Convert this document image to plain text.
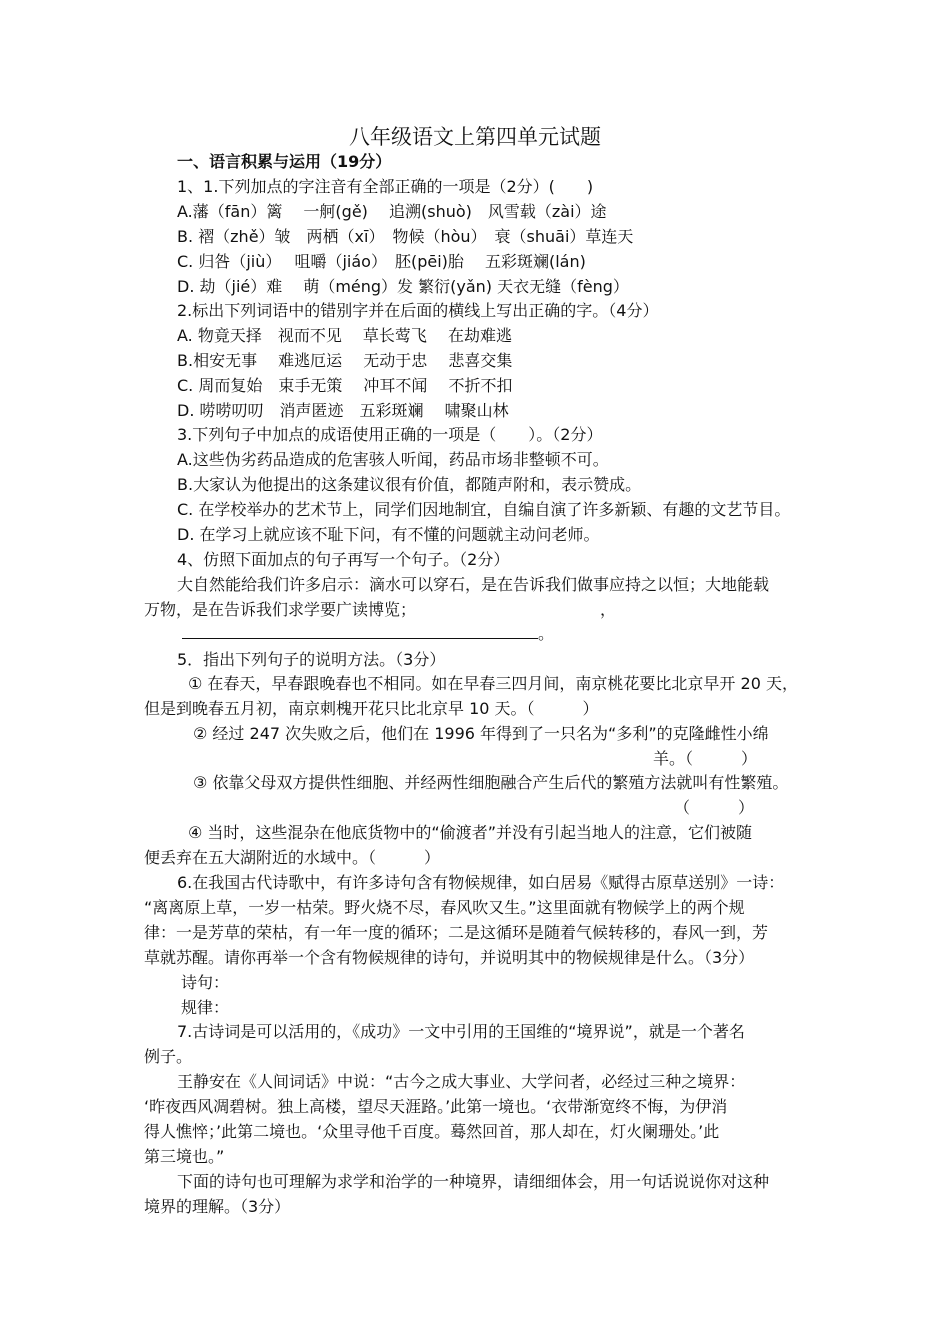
八年级语文上第四单元试题
一、语言积累与运用（19分）
1、1.下列加点的字注音有全部正确的一项是（2分）(　　)
A.藩（fān）篱　 一舸(gě)　 追溯(shuò)　风雪载（zài）途
B. 褶（zhě）皱　两栖（xī）　物候（hòu）　衰（shuāi）草连天
C. 归咎（jiù）　 咀嚼（jiáo）　胚(pēi)胎　 五彩斑斓(lán)
D. 劫（jié）难　 萌（méng）发 繁衍(yǎn) 天衣无缝（fèng）
2.标出下列词语中的错别字并在后面的横线上写出正确的字。（4分）
A. 物竟天择　视而不见　 草长莺飞　 在劫难逃
B.相安无事　 难逃厄运　 无动于忠　 悲喜交集
C. 周而复始　束手无策　 冲耳不闻　 不折不扣
D. 唠唠叨叨　消声匿迹　五彩斑斓　 啸聚山林
3.下列句子中加点的成语使用正确的一项是（　　）。（2分）
A.这些伪劣药品造成的危害骇人听闻，药品市场非整顿不可。
B.大家认为他提出的这条建议很有价值，都随声附和，表示赞成。
C. 在学校举办的艺术节上，同学们因地制宜，自编自演了许多新颖、有趣的文艺节目。
D. 在学习上就应该不耻下问，有不懂的问题就主动问老师。
4、仿照下面加点的句子再写一个句子。（2分）
大自然能给我们许多启示：滴水可以穿石，是在告诉我们做事应持之以恒；大地能载
万物，是在告诉我们求学要广读博览；　　　　　　　　　　　　，
。
5．指出下列句子的说明方法。（3分）
① 在春天，早春跟晚春也不相同。如在早春三四月间，南京桃花要比北京早开 20 天，
但是到晚春五月初，南京刺槐开花只比北京早 10 天。（　　　）
② 经过 247 次失败之后，他们在 1996 年得到了一只名为“多利”的克隆雌性小绵
羊。（　　　）
③ 依靠父母双方提供性细胞、并经两性细胞融合产生后代的繁殖方法就叫有性繁殖。
（　　　）
④ 当时，这些混杂在他底货物中的“偷渡者”并没有引起当地人的注意，它们被随
便丢弃在五大湖附近的水域中。（　　　）
6.在我国古代诗歌中，有许多诗句含有物候规律，如白居易《赋得古原草送别》一诗：
“离离原上草，一岁一枯荣。野火烧不尽，春风吹又生。”这里面就有物候学上的两个规
律：一是芳草的荣枯，有一年一度的循环；二是这循环是随着气候转移的，春风一到，芳
草就苏醒。请你再举一个含有物候规律的诗句，并说明其中的物候规律是什么。（3分）
诗句：
规律：
7.古诗词是可以活用的，《成功》一文中引用的王国维的“境界说”，就是一个著名
例子。
王静安在《人间词话》中说：“古今之成大事业、大学问者，必经过三种之境界：
‘昨夜西风凋碧树。独上高楼，望尽天涯路。’此第一境也。‘衣带渐宽终不悔，为伊消
得人憔悴；’此第二境也。‘众里寻他千百度。蓦然回首，那人却在，灯火阑珊处。’此
第三境也。”
下面的诗句也可理解为求学和治学的一种境界，请细细体会，用一句话说说你对这种
境界的理解。（3分）
